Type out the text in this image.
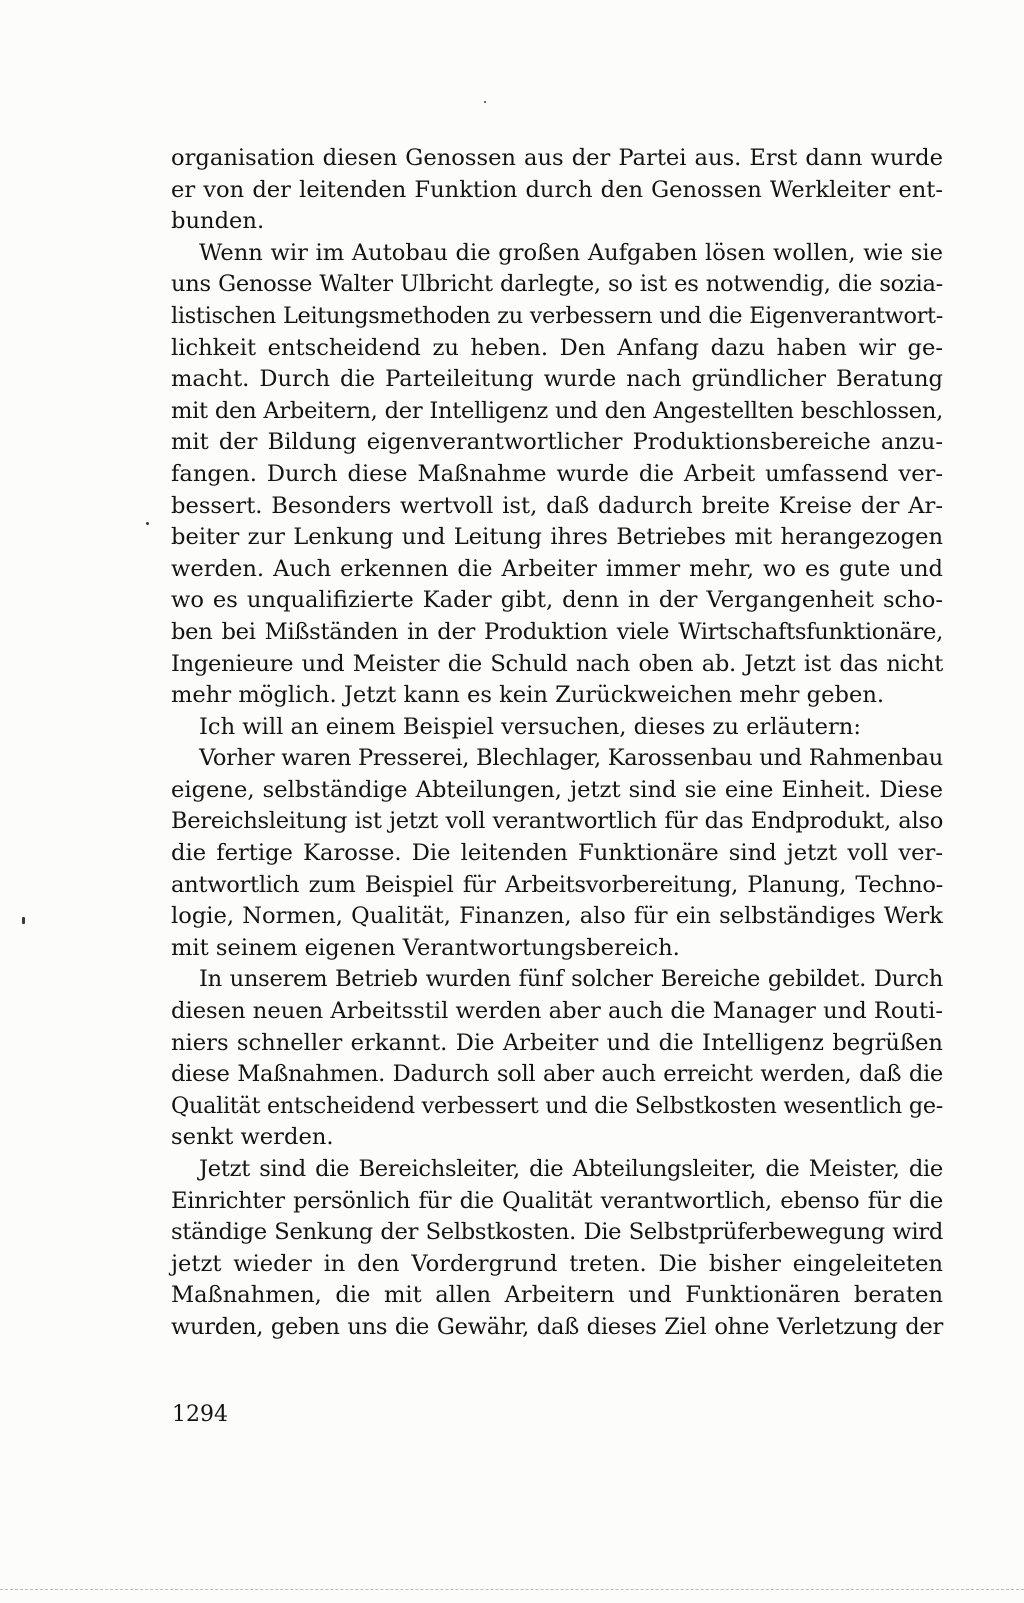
organisation diesen Genossen aus der Partei aus. Erst dann wurde
er von der leitenden Funktion durch den Genossen Werkleiter ent-
bunden.
Wenn wir im Autobau die großen Aufgaben lösen wollen, wie sie
uns Genosse Walter Ulbricht darlegte, so ist es notwendig, die sozia-
listischen Leitungsmethoden zu verbessern und die Eigenverantwort-
lichkeit entscheidend zu heben. Den Anfang dazu haben wir ge-
macht. Durch die Parteileitung wurde nach gründlicher Beratung
mit den Arbeitern, der Intelligenz und den Angestellten beschlossen,
mit der Bildung eigenverantwortlicher Produktionsbereiche anzu-
fangen. Durch diese Maßnahme wurde die Arbeit umfassend ver-
bessert. Besonders wertvoll ist, daß dadurch breite Kreise der Ar-
beiter zur Lenkung und Leitung ihres Betriebes mit herangezogen
werden. Auch erkennen die Arbeiter immer mehr, wo es gute und
wo es unqualifizierte Kader gibt, denn in der Vergangenheit scho-
ben bei Mißständen in der Produktion viele Wirtschaftsfunktionäre,
Ingenieure und Meister die Schuld nach oben ab. Jetzt ist das nicht
mehr möglich. Jetzt kann es kein Zurückweichen mehr geben.
Ich will an einem Beispiel versuchen, dieses zu erläutern:
Vorher waren Presserei, Blechlager, Karossenbau und Rahmenbau
eigene, selbständige Abteilungen, jetzt sind sie eine Einheit. Diese
Bereichsleitung ist jetzt voll verantwortlich für das Endprodukt, also
die fertige Karosse. Die leitenden Funktionäre sind jetzt voll ver-
antwortlich zum Beispiel für Arbeitsvorbereitung, Planung, Techno-
logie, Normen, Qualität, Finanzen, also für ein selbständiges Werk
mit seinem eigenen Verantwortungsbereich.
In unserem Betrieb wurden fünf solcher Bereiche gebildet. Durch
diesen neuen Arbeitsstil werden aber auch die Manager und Routi-
niers schneller erkannt. Die Arbeiter und die Intelligenz begrüßen
diese Maßnahmen. Dadurch soll aber auch erreicht werden, daß die
Qualität entscheidend verbessert und die Selbstkosten wesentlich ge-
senkt werden.
Jetzt sind die Bereichsleiter, die Abteilungsleiter, die Meister, die
Einrichter persönlich für die Qualität verantwortlich, ebenso für die
ständige Senkung der Selbstkosten. Die Selbstprüferbewegung wird
jetzt wieder in den Vordergrund treten. Die bisher eingeleiteten
Maßnahmen, die mit allen Arbeitern und Funktionären beraten
wurden, geben uns die Gewähr, daß dieses Ziel ohne Verletzung der
1294
